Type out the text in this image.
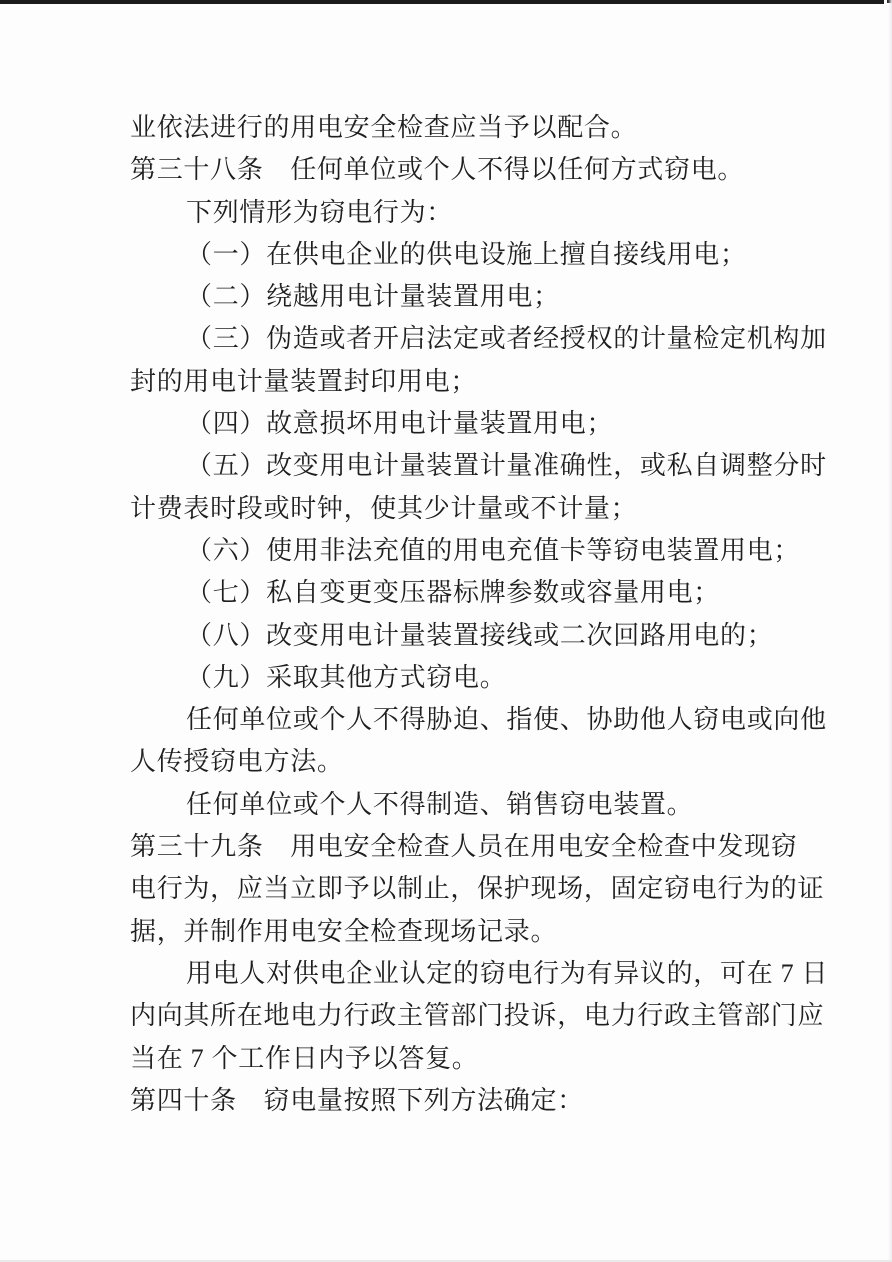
业依法进行的用电安全检查应当予以配合。
第三十八条　任何单位或个人不得以任何方式窃电。
下列情形为窃电行为：
（一）在供电企业的供电设施上擅自接线用电；
（二）绕越用电计量装置用电；
（三）伪造或者开启法定或者经授权的计量检定机构加
封的用电计量装置封印用电；
（四）故意损坏用电计量装置用电；
（五）改变用电计量装置计量准确性，或私自调整分时
计费表时段或时钟，使其少计量或不计量；
（六）使用非法充值的用电充值卡等窃电装置用电；
（七）私自变更变压器标牌参数或容量用电；
（八）改变用电计量装置接线或二次回路用电的；
（九）采取其他方式窃电。
任何单位或个人不得胁迫、指使、协助他人窃电或向他
人传授窃电方法。
任何单位或个人不得制造、销售窃电装置。
第三十九条　用电安全检查人员在用电安全检查中发现窃
电行为，应当立即予以制止，保护现场，固定窃电行为的证
据，并制作用电安全检查现场记录。
用电人对供电企业认定的窃电行为有异议的，可在 7 日
内向其所在地电力行政主管部门投诉，电力行政主管部门应
当在 7 个工作日内予以答复。
第四十条　窃电量按照下列方法确定：
